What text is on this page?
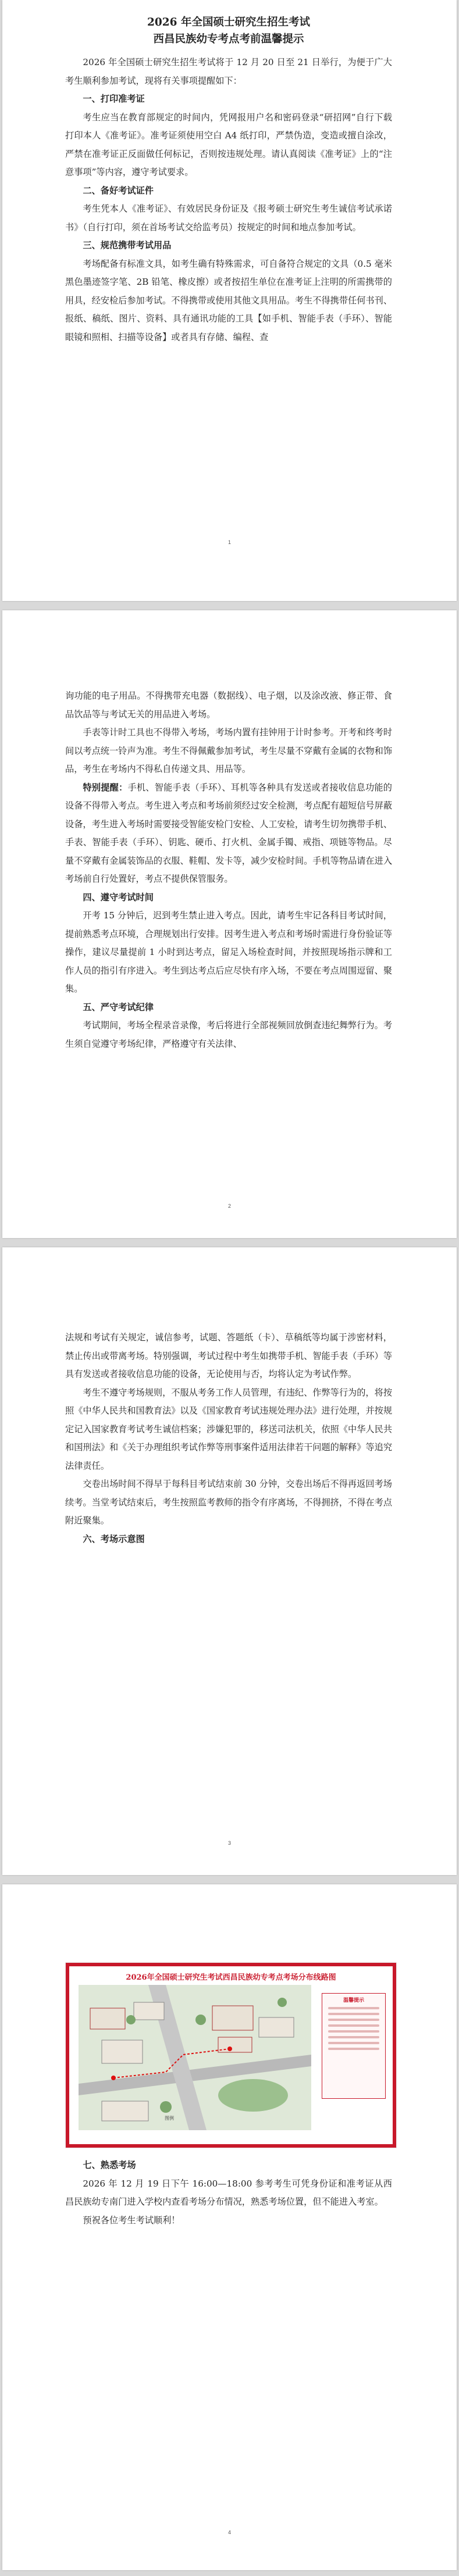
2026 年全国硕士研究生招生考试
西昌民族幼专考点考前温馨提示

2026 年全国硕士研究生招生考试将于 12 月 20 日至 21 日举行，为便于广大考生顺利参加考试，现将有关事项提醒如下：

一、打印准考证

考生应当在教育部规定的时间内，凭网报用户名和密码登录“研招网”自行下载打印本人《准考证》。准考证须使用空白 A4 纸打印，严禁伪造，变造或擅自涂改，严禁在准考证正反面做任何标记，否则按违规处理。请认真阅读《准考证》上的“注意事项”等内容，遵守考试要求。

二、备好考试证件

考生凭本人《准考证》、有效居民身份证及《报考硕士研究生考生诚信考试承诺书》（自行打印，须在首场考试交给监考员）按规定的时间和地点参加考试。

三、规范携带考试用品

考场配备有标准文具，如考生确有特殊需求，可自备符合规定的文具（0.5 毫米黑色墨迹签字笔、2B 铅笔、橡皮擦）或者按招生单位在准考证上注明的所需携带的用具，经安检后参加考试。不得携带或使用其他文具用品。考生不得携带任何书刊、报纸、稿纸、图片、资料、具有通讯功能的工具【如手机、智能手表（手环）、智能眼镜和照相、扫描等设备】或者具有存储、编程、查

1

询功能的电子用品。不得携带充电器（数据线）、电子烟，以及涂改液、修正带、食品饮品等与考试无关的用品进入考场。

手表等计时工具也不得带入考场，考场内置有挂钟用于计时参考。开考和终考时间以考点统一铃声为准。考生不得佩戴参加考试，考生尽量不穿戴有金属的衣物和饰品，考生在考场内不得私自传递文具、用品等。

特别提醒：手机、智能手表（手环）、耳机等各种具有发送或者接收信息功能的设备不得带入考点。考生进入考点和考场前须经过安全检测，考点配有超短信号屏蔽设备，考生进入考场时需要接受智能安检门安检、人工安检，请考生切勿携带手机、手表、智能手表（手环）、钥匙、硬币、打火机、金属手镯、戒指、项链等物品。尽量不穿戴有金属装饰品的衣服、鞋帽、发卡等，减少安检时间。手机等物品请在进入考场前自行处置好，考点不提供保管服务。

四、遵守考试时间

开考 15 分钟后，迟到考生禁止进入考点。因此，请考生牢记各科目考试时间，提前熟悉考点环境，合理规划出行安排。因考生进入考点和考场时需进行身份验证等操作，建议尽量提前 1 小时到达考点，留足入场检查时间，并按照现场指示牌和工作人员的指引有序进入。考生到达考点后应尽快有序入场，不要在考点周围逗留、聚集。

五、严守考试纪律

考试期间，考场全程录音录像，考后将进行全部视频回放倒查违纪舞弊行为。考生须自觉遵守考场纪律，严格遵守有关法律、

2

法规和考试有关规定，诚信参考，试题、答题纸（卡）、草稿纸等均属于涉密材料，禁止传出或带离考场。特别强调，考试过程中考生如携带手机、智能手表（手环）等具有发送或者接收信息功能的设备，无论使用与否，均将认定为考试作弊。

考生不遵守考场规则，不服从考务工作人员管理，有违纪、作弊等行为的，将按照《中华人民共和国教育法》以及《国家教育考试违规处理办法》进行处理，并按规定记入国家教育考试考生诚信档案；涉嫌犯罪的，移送司法机关，依照《中华人民共和国刑法》和《关于办理组织考试作弊等刑事案件适用法律若干问题的解释》等追究法律责任。

交卷出场时间不得早于每科目考试结束前 30 分钟，交卷出场后不得再返回考场续考。当堂考试结束后，考生按照监考教师的指令有序离场，不得拥挤，不得在考点附近聚集。

六、考场示意图

3
2026年全国硕士研究生考试西昌民族幼专考点考场分布线路图
温馨提示
图例

七、熟悉考场

2026 年 12 月 19 日下午 16:00—18:00 参考考生可凭身份证和准考证从西昌民族幼专南门进入学校内查看考场分布情况，熟悉考场位置，但不能进入考室。

预祝各位考生考试顺利！

4
